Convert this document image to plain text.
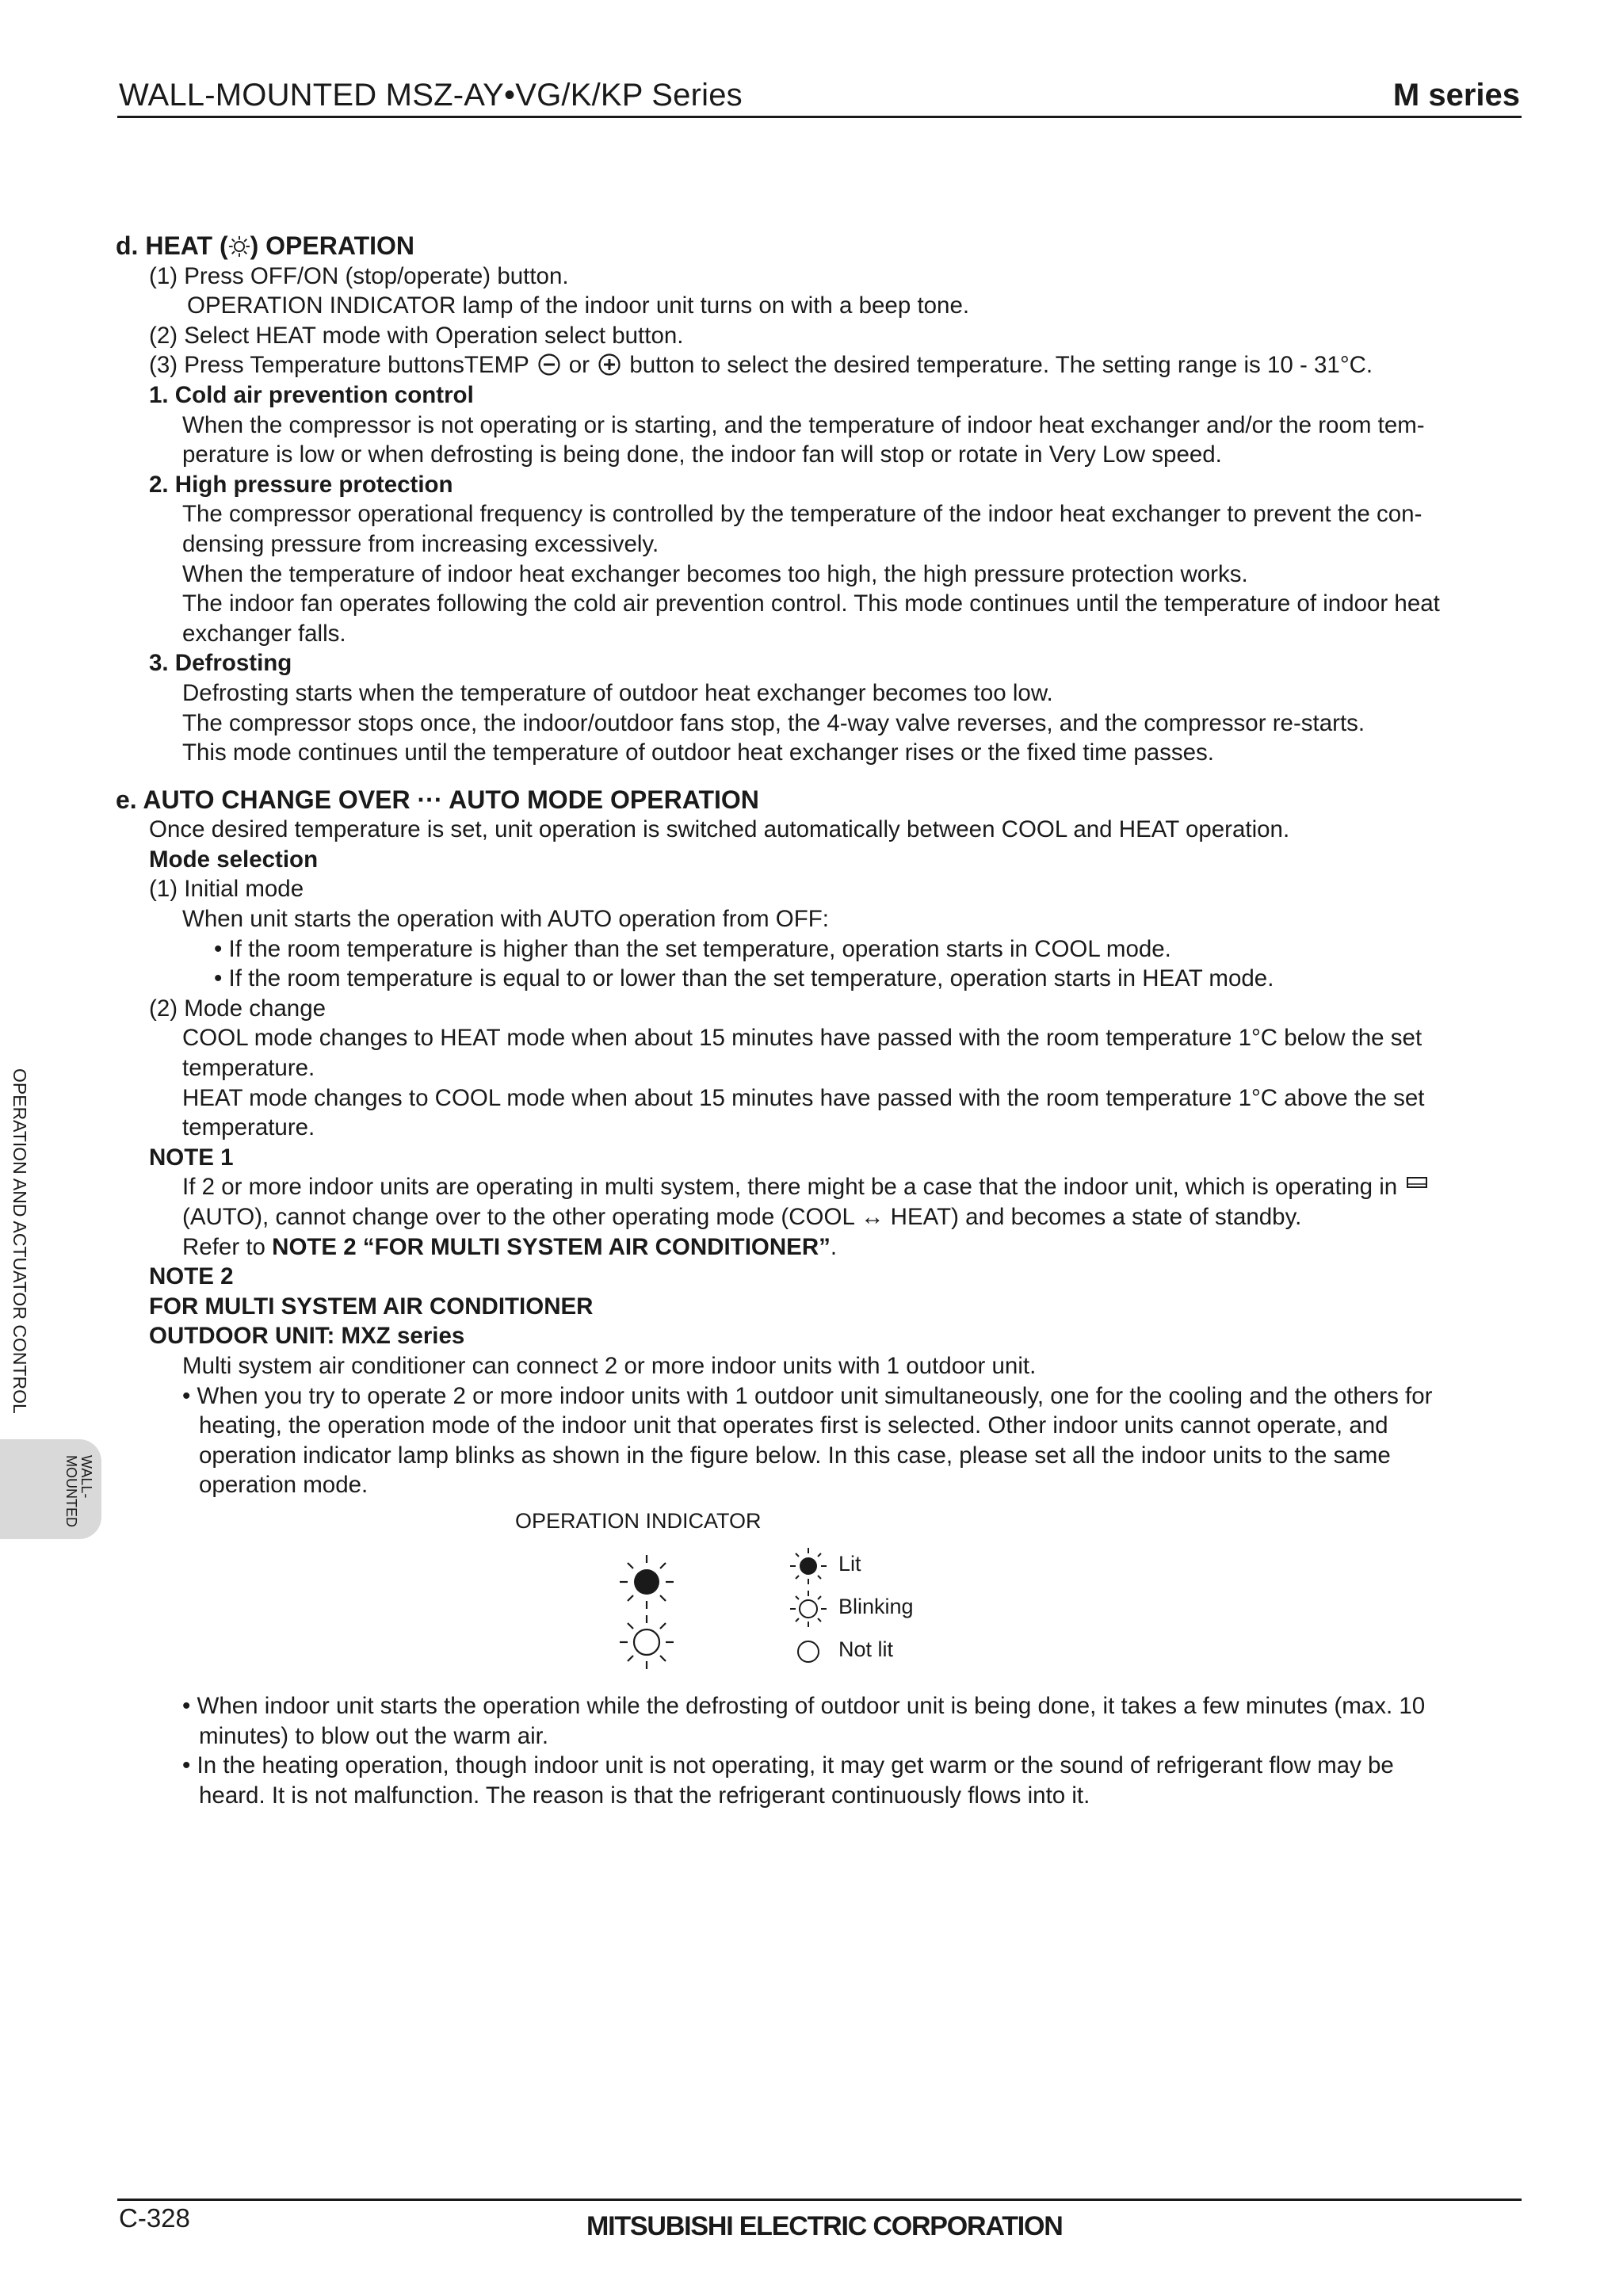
WALL-MOUNTED MSZ-AY•VG/K/KP Series	M series
OPERATION AND ACTUATOR CONTROL
WALL-
MOUNTED

d. HEAT ( ) OPERATION

(1) Press OFF/ON (stop/operate) button.

OPERATION INDICATOR lamp of the indoor unit turns on with a beep tone.

(2) Select HEAT mode with Operation select button.

(3) Press Temperature buttonsTEMP or button to select the desired temperature. The setting range is 10 - 31°C.

1. Cold air prevention control

When the compressor is not operating or is starting, and the temperature of indoor heat exchanger and/or the room tem-

perature is low or when defrosting is being done, the indoor fan will stop or rotate in Very Low speed.

2. High pressure protection

The compressor operational frequency is controlled by the temperature of the indoor heat exchanger to prevent the con-

densing pressure from increasing excessively.

When the temperature of indoor heat exchanger becomes too high, the high pressure protection works.

The indoor fan operates following the cold air prevention control. This mode continues until the temperature of indoor heat

exchanger falls.

3. Defrosting

Defrosting starts when the temperature of outdoor heat exchanger becomes too low.

The compressor stops once, the indoor/outdoor fans stop, the 4-way valve reverses, and the compressor re-starts.

This mode continues until the temperature of outdoor heat exchanger rises or the fixed time passes.

e. AUTO CHANGE OVER ··· AUTO MODE OPERATION

Once desired temperature is set, unit operation is switched automatically between COOL and HEAT operation.

Mode selection

(1) Initial mode

When unit starts the operation with AUTO operation from OFF:

• If the room temperature is higher than the set temperature, operation starts in COOL mode.

• If the room temperature is equal to or lower than the set temperature, operation starts in HEAT mode.

(2) Mode change

COOL mode changes to HEAT mode when about 15 minutes have passed with the room temperature 1°C below the set

temperature.

HEAT mode changes to COOL mode when about 15 minutes have passed with the room temperature 1°C above the set

temperature.

NOTE 1

If 2 or more indoor units are operating in multi system, there might be a case that the indoor unit, which is operating in

(AUTO), cannot change over to the other operating mode (COOL ↔ HEAT) and becomes a state of standby.

Refer to NOTE 2 “FOR MULTI SYSTEM AIR CONDITIONER”.

NOTE 2

FOR MULTI SYSTEM AIR CONDITIONER

OUTDOOR UNIT: MXZ series

Multi system air conditioner can connect 2 or more indoor units with 1 outdoor unit.

• When you try to operate 2 or more indoor units with 1 outdoor unit simultaneously, one for the cooling and the others for

heating, the operation mode of the indoor unit that operates first is selected. Other indoor units cannot operate, and

operation indicator lamp blinks as shown in the figure below. In this case, please set all the indoor units to the same

operation mode.

OPERATION INDICATOR
Lit
Blinking
Not lit

• When indoor unit starts the operation while the defrosting of outdoor unit is being done, it takes a few minutes (max. 10

minutes) to blow out the warm air.

• In the heating operation, though indoor unit is not operating, it may get warm or the sound of refrigerant flow may be

heard. It is not malfunction. The reason is that the refrigerant continuously flows into it.

C-328	MITSUBISHI ELECTRIC CORPORATION
